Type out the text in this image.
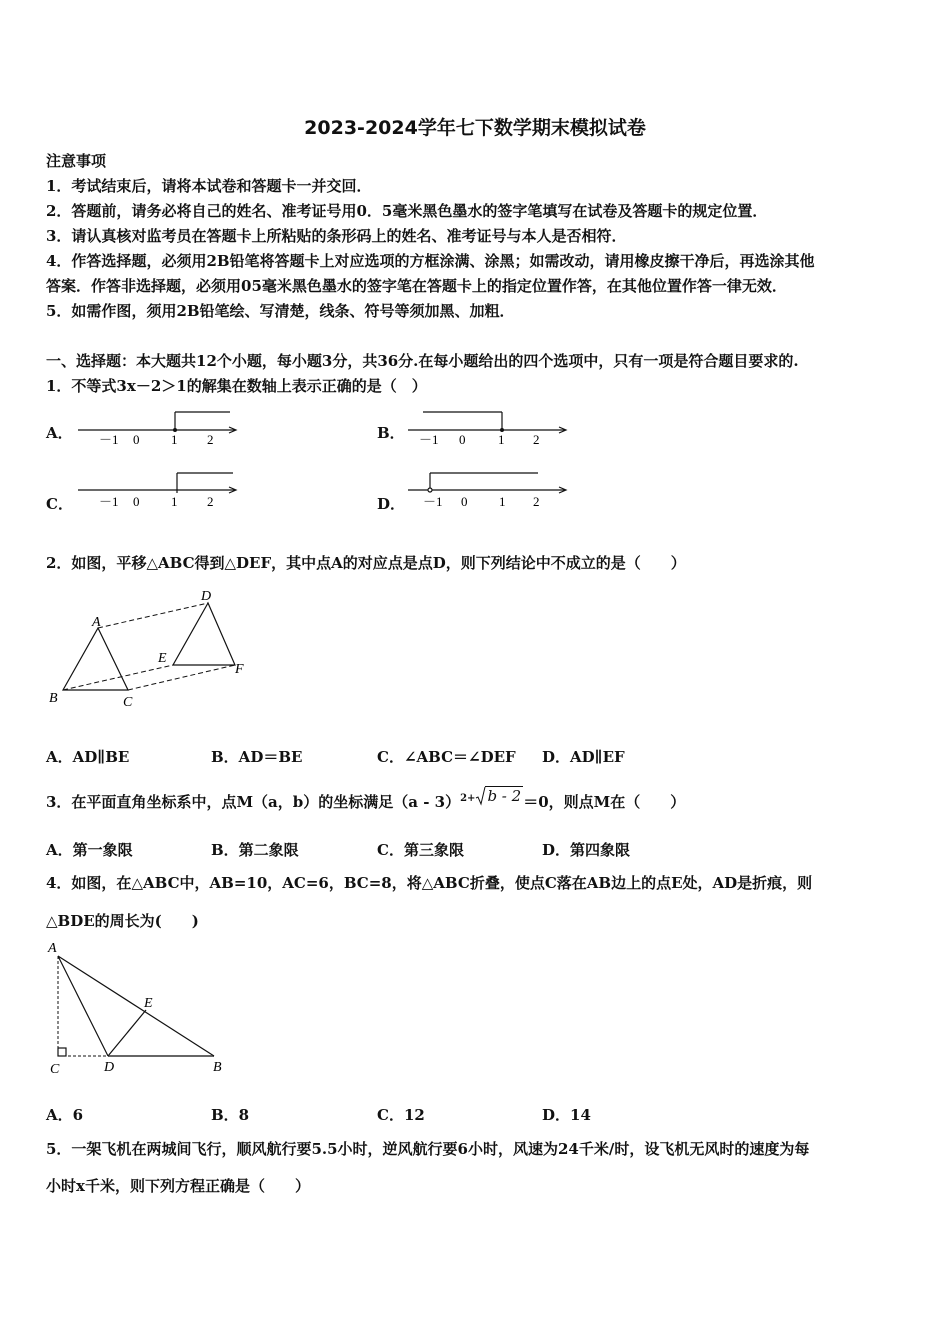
2023-2024学年七下数学期末模拟试卷
注意事项
1．考试结束后，请将本试卷和答题卡一并交回．
2．答题前，请务必将自己的姓名、准考证号用0．5毫米黑色墨水的签字笔填写在试卷及答题卡的规定位置．
3．请认真核对监考员在答题卡上所粘贴的条形码上的姓名、准考证号与本人是否相符．
4．作答选择题，必须用2B铅笔将答题卡上对应选项的方框涂满、涂黑；如需改动，请用橡皮擦干净后，再选涂其他
答案．作答非选择题，必须用05毫米黑色墨水的签字笔在答题卡上的指定位置作答，在其他位置作答一律无效．
5．如需作图，须用2B铅笔绘、写清楚，线条、符号等须加黑、加粗．
一、选择题：本大题共12个小题，每小题3分，共36分.在每小题给出的四个选项中，只有一项是符合题目要求的.
1．不等式3x－2＞1的解集在数轴上表示正确的是（　）
A． －1 0 1 2	B． －1 0	1 2
C． －1 0 1 2	D． －1 0 1 2
2．如图，平移△ABC得到△DEF，其中点A的对应点是点D，则下列结论中不成立的是（　　）
A
B	C
D
E
F
A．AD∥BE	B．AD＝BE	C．∠ABC＝∠DEF D．AD∥EF
3．在平面直角坐标系中，点M（a，b）的坐标满足（a - 3）$^{2+}$ b - 2 ＝0，则点M在（　　）
A．第一象限	B．第二象限	C．第三象限	D．第四象限
4．如图，在△ABC中，AB=10，AC=6，BC=8，将△ABC折叠，使点C落在AB边上的点E处，AD是折痕，则
△BDE的周长为(　　)
A
E
C	D	B
A．6	B．8	C．12	D．14
5．一架飞机在两城间飞行，顺风航行要5.5小时，逆风航行要6小时，风速为24千米/时，设飞机无风时的速度为每
小时x千米，则下列方程正确是（　　）
